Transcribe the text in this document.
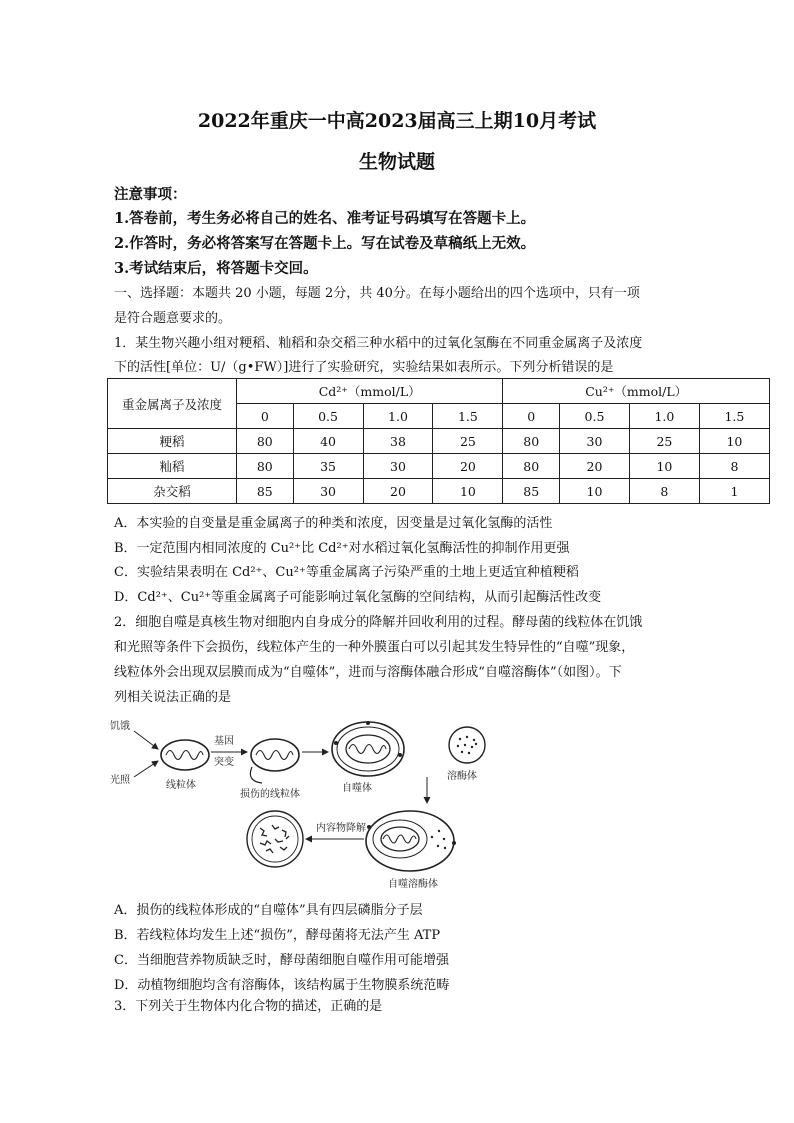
2022年重庆一中高2023届高三上期10月考试
生物试题
注意事项：
1.答卷前，考生务必将自己的姓名、准考证号码填写在答题卡上。
2.作答时，务必将答案写在答题卡上。写在试卷及草稿纸上无效。
3.考试结束后，将答题卡交回。
一、选择题：本题共 20 小题，每题 2分，共 40分。在每小题给出的四个选项中，只有一项
是符合题意要求的。
1．某生物兴趣小组对粳稻、籼稻和杂交稻三种水稻中的过氧化氢酶在不同重金属离子及浓度
下的活性[单位：U/（g•FW）]进行了实验研究，实验结果如表所示。下列分析错误的是
重金属离子及浓度	Cd²⁺（mmol/L）				Cu²⁺（mmol/L）			
	0	0.5	1.0	1.5	0	0.5	1.0	1.5
粳稻	80	40	38	25	80	30	25	10
籼稻	80	35	30	20	80	20	10	8
杂交稻	85	30	20	10	85	10	8	1
A．本实验的自变量是重金属离子的种类和浓度，因变量是过氧化氢酶的活性
B．一定范围内相同浓度的 Cu²⁺比 Cd²⁺对水稻过氧化氢酶活性的抑制作用更强
C．实验结果表明在 Cd²⁺、Cu²⁺等重金属离子污染严重的土地上更适宜种植粳稻
D．Cd²⁺、Cu²⁺等重金属离子可能影响过氧化氢酶的空间结构，从而引起酶活性改变
2．细胞自噬是真核生物对细胞内自身成分的降解并回收利用的过程。酵母菌的线粒体在饥饿
和光照等条件下会损伤，线粒体产生的一种外膜蛋白可以引起其发生特异性的“自噬”现象，
线粒体外会出现双层膜而成为“自噬体”，进而与溶酶体融合形成“自噬溶酶体”（如图）。下
列相关说法正确的是
饥饿
光照	线粒体
基因
突变
损伤的线粒体
自噬体
溶酶体
自噬溶酶体
内容物降解
A．损伤的线粒体形成的“自噬体”具有四层磷脂分子层
B．若线粒体均发生上述“损伤”，酵母菌将无法产生 ATP
C．当细胞营养物质缺乏时，酵母菌细胞自噬作用可能增强
D．动植物细胞均含有溶酶体，该结构属于生物膜系统范畴
3．下列关于生物体内化合物的描述，正确的是
